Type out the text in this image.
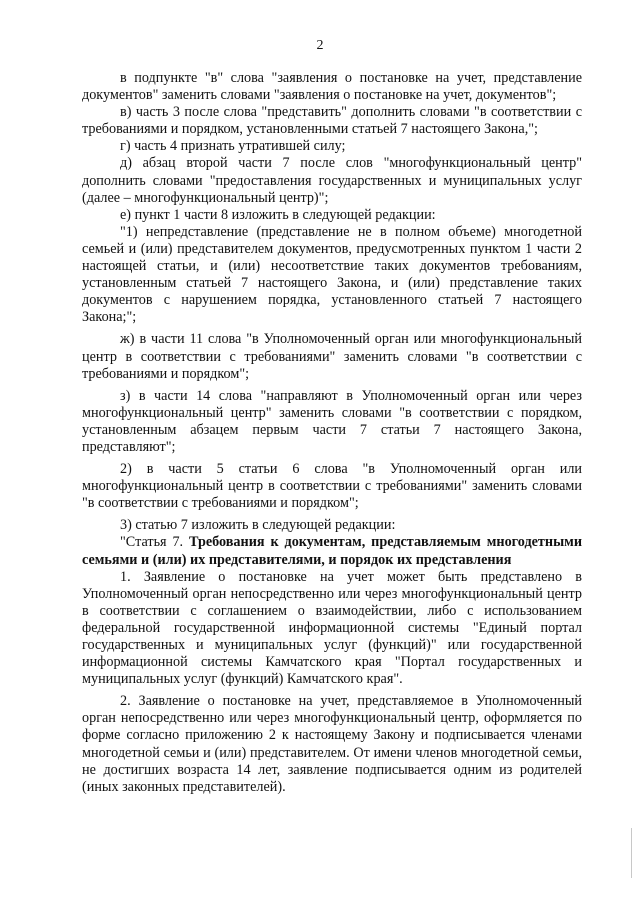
2

в подпункте "в" слова "заявления о постановке на учет, представление документов" заменить словами "заявления о постановке на учет, документов";

в) часть 3 после слова "представить" дополнить словами "в соответствии с требованиями и порядком, установленными статьей 7 настоящего Закона,";

г) часть 4 признать утратившей силу;

д) абзац второй части 7 после слов "многофункциональный центр" дополнить словами "предоставления государственных и муниципальных услуг (далее – многофункциональный центр)";

е) пункт 1 части 8 изложить в следующей редакции:

"1) непредставление (представление не в полном объеме) многодетной семьей и (или) представителем документов, предусмотренных пунктом 1 части 2 настоящей статьи, и (или) несоответствие таких документов требованиям, установленным статьей 7 настоящего Закона, и (или) представление таких документов с нарушением порядка, установленного статьей 7 настоящего Закона;";

ж) в части 11 слова "в Уполномоченный орган или многофункциональный центр в соответствии с требованиями" заменить словами "в соответствии с требованиями и порядком";

з) в части 14 слова "направляют в Уполномоченный орган или через многофункциональный центр" заменить словами "в соответствии с порядком, установленным абзацем первым части 7 статьи 7 настоящего Закона, представляют";

2) в части 5 статьи 6 слова "в Уполномоченный орган или многофункциональный центр в соответствии с требованиями" заменить словами "в соответствии с требованиями и порядком";

3) статью 7 изложить в следующей редакции:

"Статья 7. Требования к документам, представляемым многодетными семьями и (или) их представителями, и порядок их представления

1. Заявление о постановке на учет может быть представлено в Уполномоченный орган непосредственно или через многофункциональный центр в соответствии с соглашением о взаимодействии, либо с использованием федеральной государственной информационной системы "Единый портал государственных и муниципальных услуг (функций)" или государственной информационной системы Камчатского края "Портал государственных и муниципальных услуг (функций) Камчатского края".

2. Заявление о постановке на учет, представляемое в Уполномоченный орган непосредственно или через многофункциональный центр, оформляется по форме согласно приложению 2 к настоящему Закону и подписывается членами многодетной семьи и (или) представителем. От имени членов многодетной семьи, не достигших возраста 14 лет, заявление подписывается одним из родителей (иных законных представителей).
